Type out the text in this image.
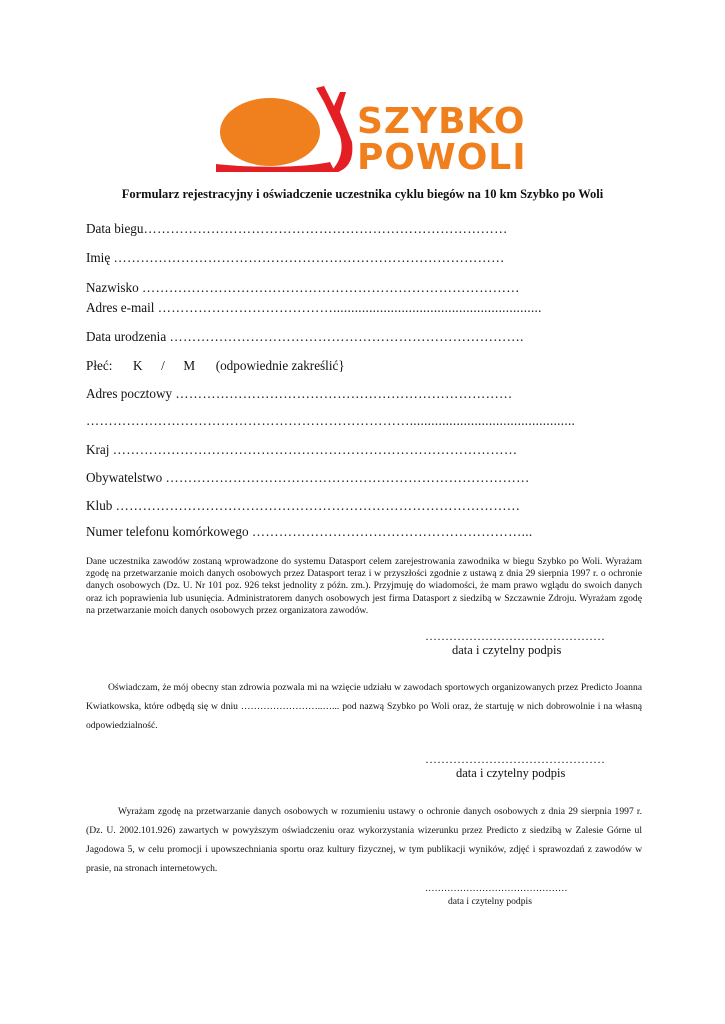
SZYBKO
POWOLI
Formularz rejestracyjny i oświadczenie uczestnika cyklu biegów na 10 km Szybko po Woli
Data biegu………………………………………………………………………
Imię ……………………………………………………………………………
Nazwisko …………………………………………………………………………
Adres e-mail …………………………………..........................................................
Data urodzenia …………………………………………………………………….
Płeć: K / M (odpowiednie zakreślić}
Adres pocztowy …………………………………………………………………
………………………………………………………………..............................................
Kraj ………………………………………………………………………………
Obywatelstwo ………………………………………………………………………
Klub ………………………………………………………………………………
Numer telefonu komórkowego ……………………………………………………...
Dane uczestnika zawodów zostaną wprowadzone do systemu Datasport celem zarejestrowania zawodnika w biegu Szybko po Woli. Wyrażam zgodę na przetwarzanie moich danych osobowych przez Datasport teraz i w przyszłości zgodnie z ustawą z dnia 29 sierpnia 1997 r. o ochronie danych osobowych (Dz. U. Nr 101 poz. 926 tekst jednolity z późn. zm.). Przyjmuję do wiadomości, że mam prawo wglądu do swoich danych oraz ich poprawienia lub usunięcia. Administratorem danych osobowych jest firma Datasport z siedzibą w Szczawnie Zdroju. Wyrażam zgodę na przetwarzanie moich danych osobowych przez organizatora zawodów.
………………………………………
data i czytelny podpis
Oświadczam, że mój obecny stan zdrowia pozwala mi na wzięcie udziału w zawodach sportowych organizowanych przez Predicto Joanna Kwiatkowska, które odbędą się w dniu ……………………..…... pod nazwą Szybko po Woli oraz, że startuję w nich dobrowolnie i na własną odpowiedzialność.
………………………………………
data i czytelny podpis
Wyrażam zgodę na przetwarzanie danych osobowych w rozumieniu ustawy o ochronie danych osobowych z dnia 29 sierpnia 1997 r. (Dz. U. 2002.101.926) zawartych w powyższym oświadczeniu oraz wykorzystania wizerunku przez Predicto z siedzibą w Zalesie Górne ul Jagodowa 5, w celu promocji i upowszechniania sportu oraz kultury fizycznej, w tym publikacji wyników, zdjęć i sprawozdań z zawodów w prasie, na stronach internetowych.
………………………………………
data i czytelny podpis
